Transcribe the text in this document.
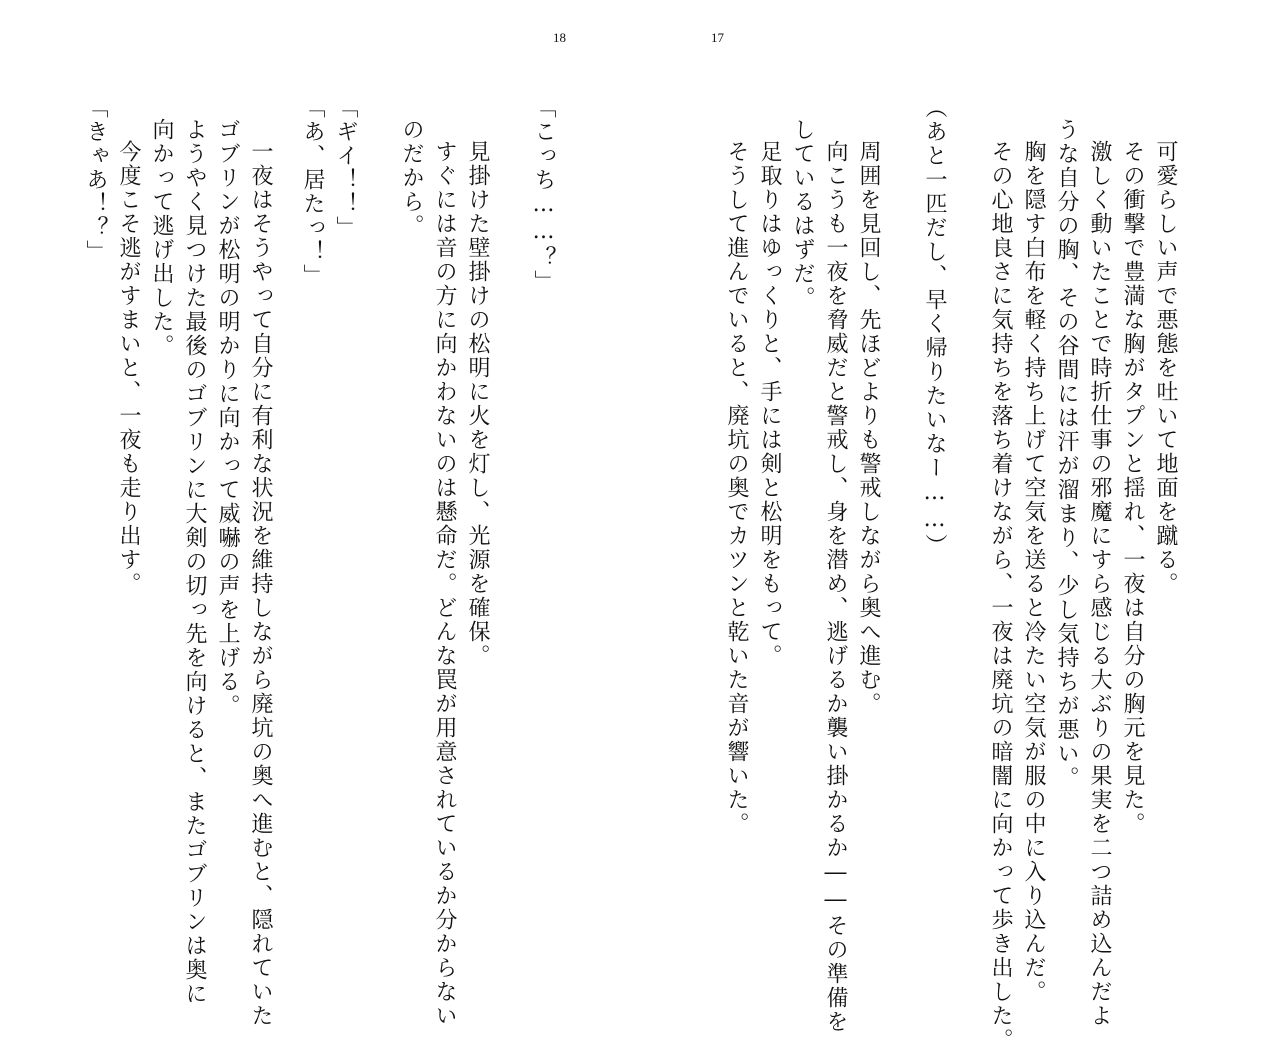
18	17
可愛らしい声で悪態を吐いて地面を蹴る。
その衝撃で豊満な胸がタプンと揺れ、一夜は自分の胸元を見た。
激しく動いたことで時折仕事の邪魔にすら感じる大ぶりの果実を二つ詰め込んだよ
うな自分の胸、その谷間には汗が溜まり、少し気持ちが悪い。
胸を隠す白布を軽く持ち上げて空気を送ると冷たい空気が服の中に入り込んだ。
その心地良さに気持ちを落ち着けながら、一夜は廃坑の暗闇に向かって歩き出した。
（あと一匹だし、早く帰りたいなー……）
周囲を見回し、先ほどよりも警戒しながら奥へ進む。
向こうも一夜を脅威だと警戒し、身を潜め、逃げるか襲い掛かるか――その準備を
しているはずだ。
足取りはゆっくりと、手には剣と松明をもって。
そうして進んでいると、廃坑の奥でカツンと乾いた音が響いた。
「こっち……？」
見掛けた壁掛けの松明に火を灯し、光源を確保。
すぐには音の方に向かわないのは懸命だ。どんな罠が用意されているか分からない
のだから。
「ギイ！！」
「あ、居たっ！」
一夜はそうやって自分に有利な状況を維持しながら廃坑の奥へ進むと、隠れていた
ゴブリンが松明の明かりに向かって威嚇の声を上げる。
ようやく見つけた最後のゴブリンに大剣の切っ先を向けると、またゴブリンは奥に
向かって逃げ出した。
今度こそ逃がすまいと、一夜も走り出す。
「きゃあ！？」
